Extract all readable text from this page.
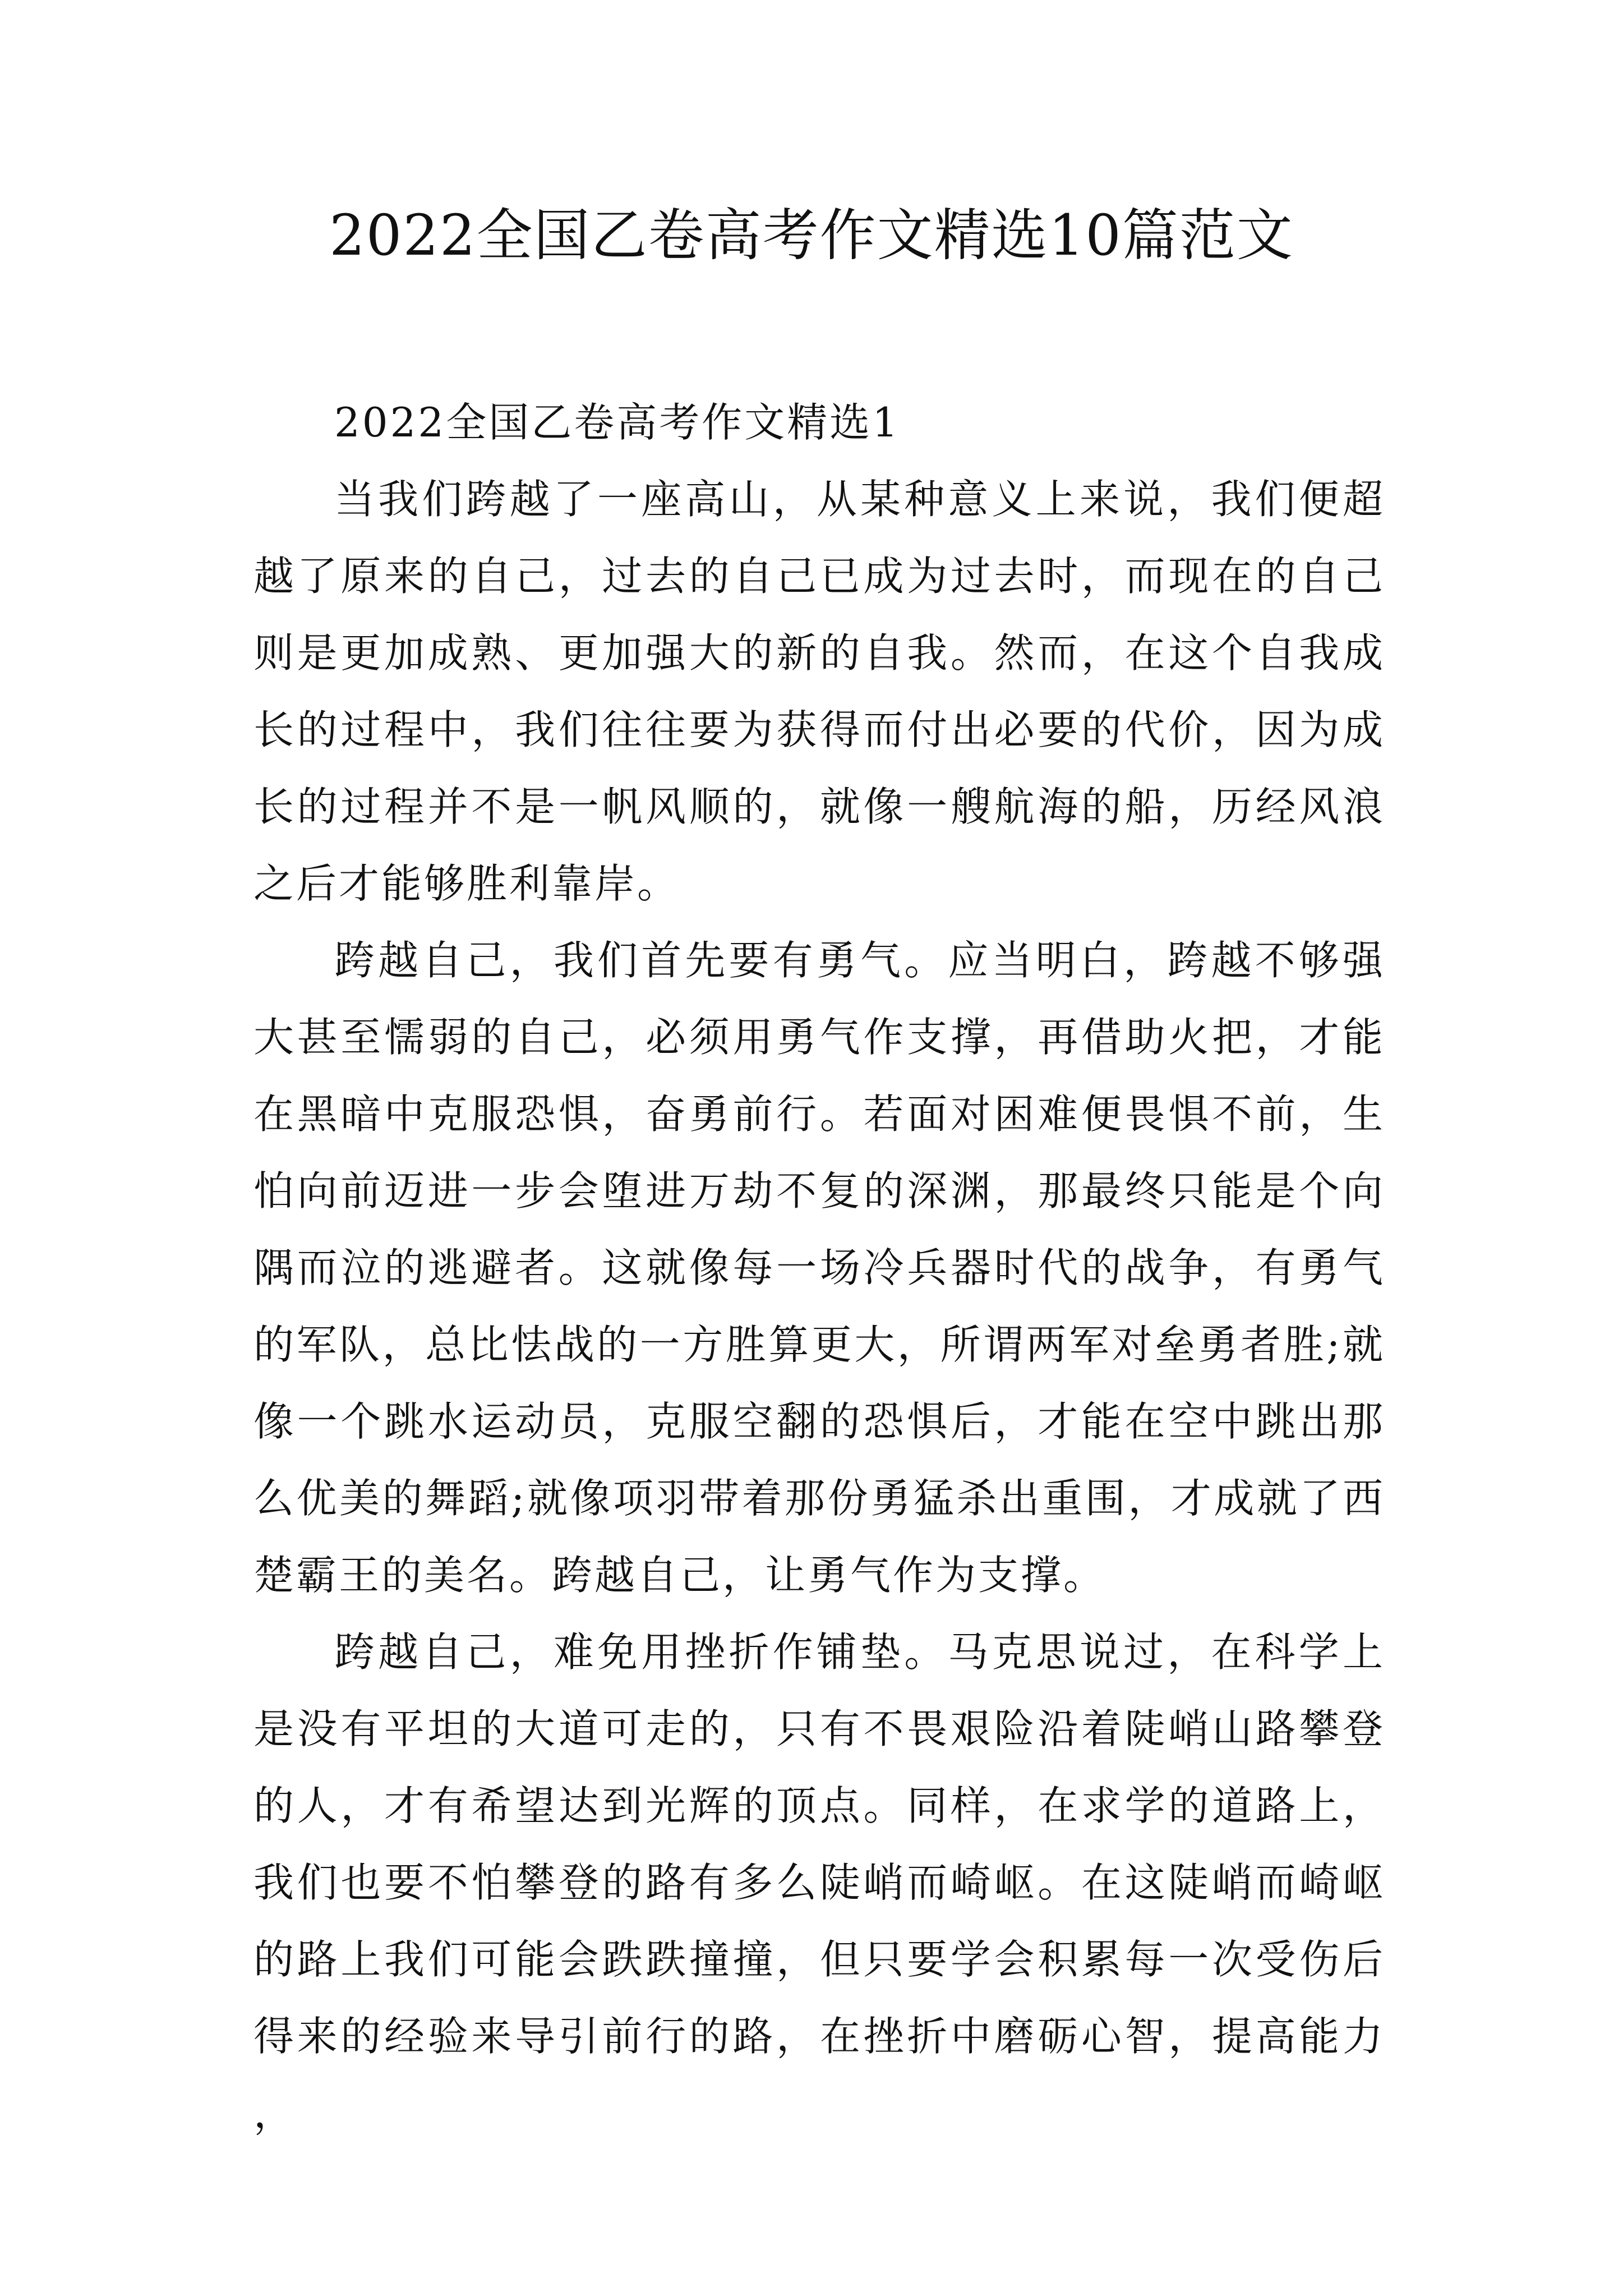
2022全国乙卷高考作文精选10篇范文
2022全国乙卷高考作文精选1

当我们跨越了一座高山，从某种意义上来说，我们便超越了原来的自己，过去的自己已成为过去时，而现在的自己则是更加成熟、更加强大的新的自我。然而，在这个自我成长的过程中，我们往往要为获得而付出必要的代价，因为成长的过程并不是一帆风顺的，就像一艘航海的船，历经风浪之后才能够胜利靠岸。

跨越自己，我们首先要有勇气。应当明白，跨越不够强大甚至懦弱的自己，必须用勇气作支撑，再借助火把，才能在黑暗中克服恐惧，奋勇前行。若面对困难便畏惧不前，生怕向前迈进一步会堕进万劫不复的深渊，那最终只能是个向隅而泣的逃避者。这就像每一场冷兵器时代的战争，有勇气的军队，总比怯战的一方胜算更大，所谓两军对垒勇者胜;就像一个跳水运动员，克服空翻的恐惧后，才能在空中跳出那么优美的舞蹈;就像项羽带着那份勇猛杀出重围，才成就了西楚霸王的美名。跨越自己，让勇气作为支撑。

跨越自己，难免用挫折作铺垫。马克思说过，在科学上是没有平坦的大道可走的，只有不畏艰险沿着陡峭山路攀登的人，才有希望达到光辉的顶点。同样，在求学的道路上，我们也要不怕攀登的路有多么陡峭而崎岖。在这陡峭而崎岖的路上我们可能会跌跌撞撞，但只要学会积累每一次受伤后得来的经验来导引前行的路，在挫折中磨砺心智，提高能力，
